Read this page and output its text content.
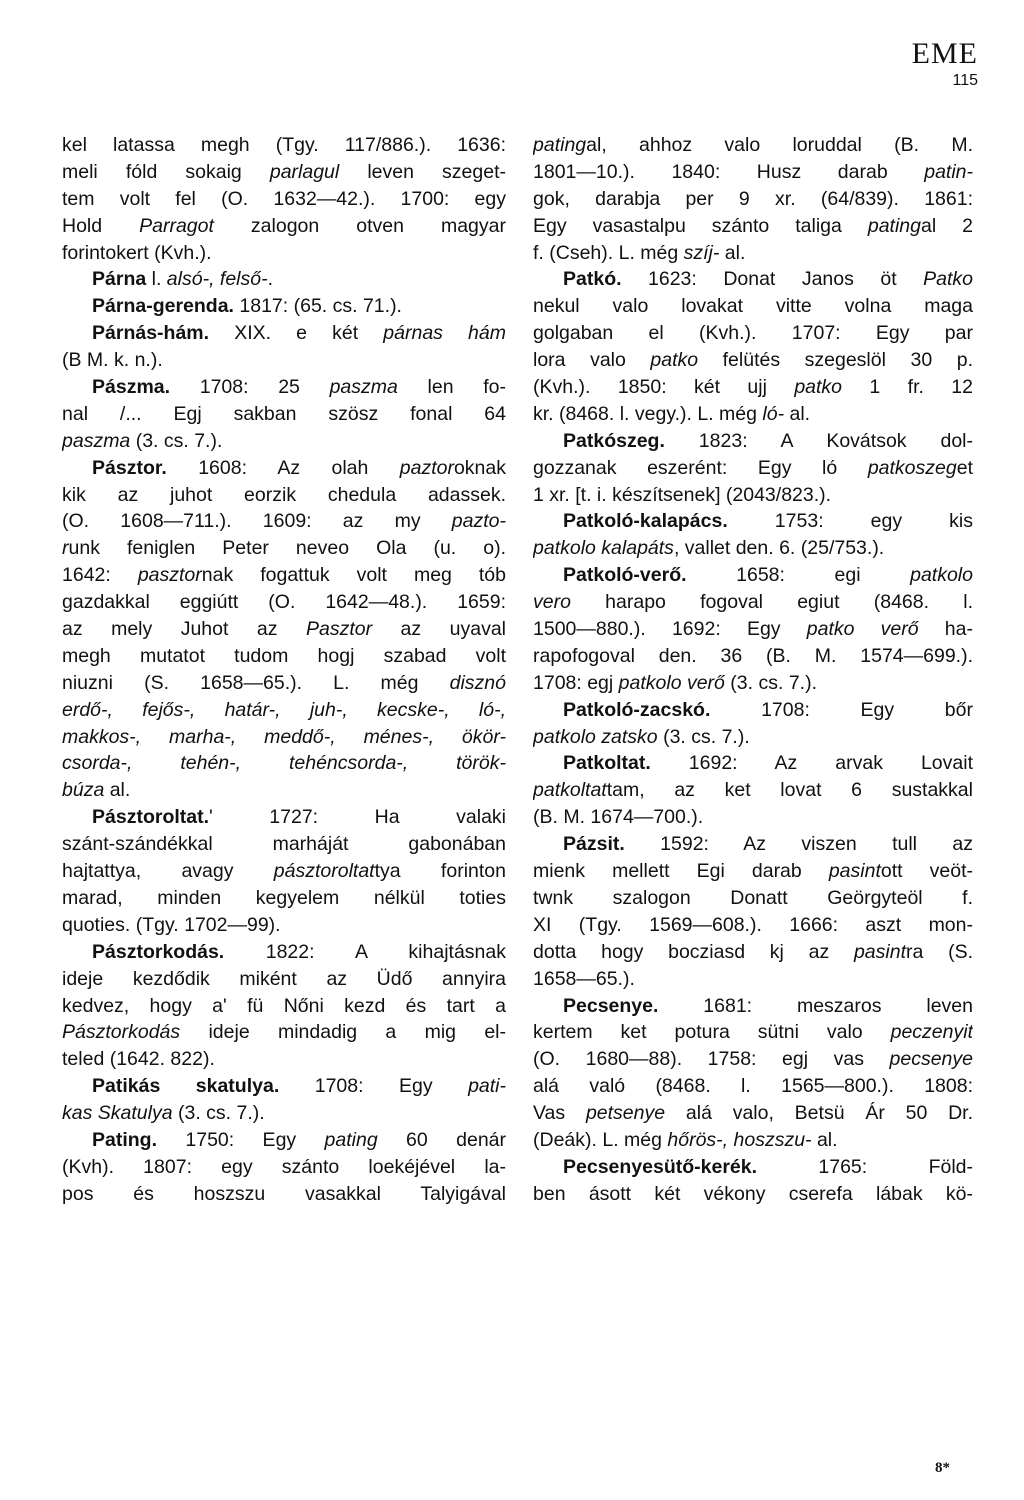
EME
115
kel latassa megh (Tgy. 117/886.). 1636:
meli fóld sokaig parlagul leven szeget-
tem volt fel (O. 1632—42.). 1700: egy
Hold Parragot zalogon otven magyar
forintokert (Kvh.).
Párna l. alsó-, felső-.
Párna-gerenda. 1817: (65. cs. 71.).
Párnás-hám. XIX. e két párnas hám
(B M. k. n.).
Pászma. 1708: 25 paszma len fo-
nal /... Egj sakban szösz fonal 64
paszma (3. cs. 7.).
Pásztor. 1608: Az olah paztoroknak
kik az juhot eorzik chedula adassek.
(O. 1608—711.). 1609: az my pazto-
runk feniglen Peter neveo Ola (u. o).
1642: pasztornak fogattuk volt meg tób
gazdakkal eggiútt (O. 1642—48.). 1659:
az mely Juhot az Pasztor az uyaval
megh mutatot tudom hogj szabad volt
niuzni (S. 1658—65.). L. még disznó
erdő-, fejős-, határ-, juh-, kecske-, ló-,
makkos-, marha-, meddő-, ménes-, ökör-
csorda-, tehén-, tehéncsorda-, török-
búza al.
Pásztoroltat.' 1727: Ha valaki
szánt-szándékkal marháját gabonában
hajtattya, avagy pásztoroltattya forinton
marad, minden kegyelem nélkül toties
quoties. (Tgy. 1702—99).
Pásztorkodás. 1822: A kihajtásnak
ideje kezdődik miként az Üdő annyira
kedvez, hogy a' fü Nőni kezd és tart a
Pásztorkodás ideje mindadig a mig el-
teled (1642. 822).
Patikás skatulya. 1708: Egy pati-
kas Skatulya (3. cs. 7.).
Pating. 1750: Egy pating 60 denár
(Kvh). 1807: egy szánto loekéjével la-
pos és hoszszu vasakkal Talyigával
patingal, ahhoz valo loruddal (B. M.
1801—10.). 1840: Husz darab patin-
gok, darabja per 9 xr. (64/839). 1861:
Egy vasastalpu szánto taliga patingal 2
f. (Cseh). L. még szíj- al.
Patkó. 1623: Donat Janos öt Patko
nekul valo lovakat vitte volna maga
golgaban el (Kvh.). 1707: Egy par
lora valo patko felütés szegeslöl 30 p.
(Kvh.). 1850: két ujj patko 1 fr. 12
kr. (8468. l. vegy.). L. még ló- al.
Patkószeg. 1823: A Kovátsok dol-
gozzanak eszerént: Egy ló patkoszeget
1 xr. [t. i. készítsenek] (2043/823.).
Patkoló-kalapács. 1753: egy kis
patkolo kalapáts, vallet den. 6. (25/753.).
Patkoló-verő. 1658: egi patkolo
vero harapo fogoval egiut (8468. l.
1500—880.). 1692: Egy patko verő ha-
rapofogoval den. 36 (B. M. 1574—699.).
1708: egj patkolo verő (3. cs. 7.).
Patkoló-zacskó. 1708: Egy bőr
patkolo zatsko (3. cs. 7.).
Patkoltat. 1692: Az arvak Lovait
patkoltattam, az ket lovat 6 sustakkal
(B. M. 1674—700.).
Pázsit. 1592: Az viszen tull az
mienk mellett Egi darab pasintott veöt-
twnk szalogon Donatt Geörgyteöl f.
XI (Tgy. 1569—608.). 1666: aszt mon-
dotta hogy bocziasd kj az pasintra (S.
1658—65.).
Pecsenye. 1681: meszaros leven
kertem ket potura sütni valo peczenyit
(O. 1680—88). 1758: egj vas pecsenye
alá való (8468. l. 1565—800.). 1808:
Vas petsenye alá valo, Betsü Ár 50 Dr.
(Deák). L. még hőrös-, hoszszu- al.
Pecsenyesütő-kerék. 1765: Föld-
ben ásott két vékony cserefa lábak kö-
8*
